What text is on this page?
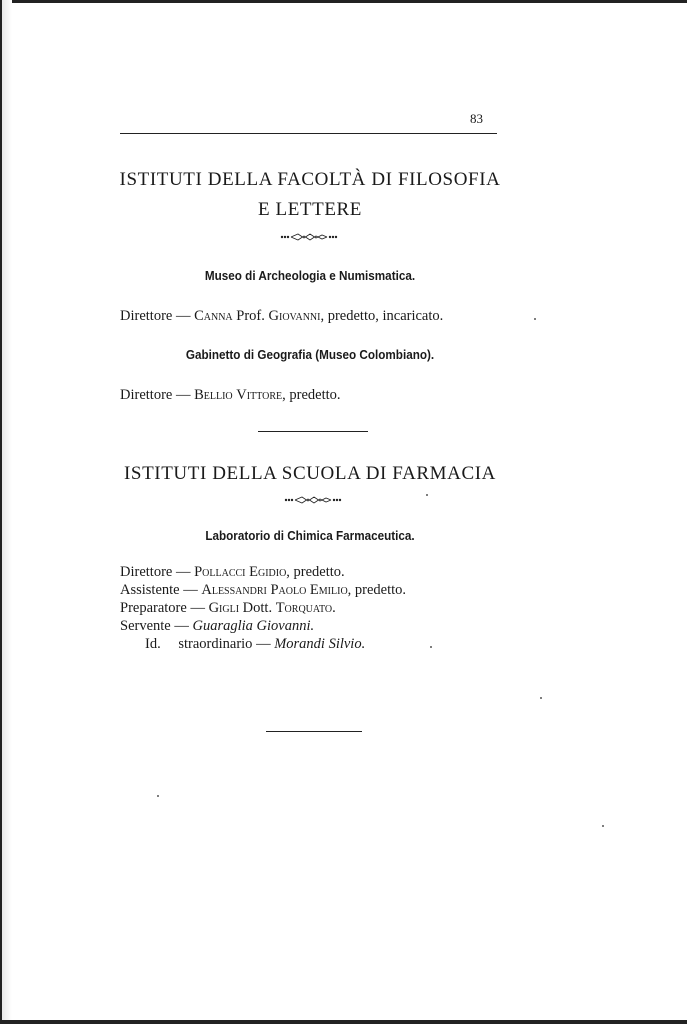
83
ISTITUTI DELLA FACOLTÀ DI FILOSOFIA
E LETTERE
Museo di Archeologia e Numismatica.
Direttore — Canna Prof. Giovanni, predetto, incaricato.
Gabinetto di Geografia (Museo Colombiano).
Direttore — Bellio Vittore, predetto.
ISTITUTI DELLA SCUOLA DI FARMACIA
Laboratorio di Chimica Farmaceutica.
Direttore — Pollacci Egidio, predetto.
Assistente — Alessandri Paolo Emilio, predetto.
Preparatore — Gigli Dott. Torquato.
Servente — Guaraglia Giovanni.
Id. straordinario — Morandi Silvio.
